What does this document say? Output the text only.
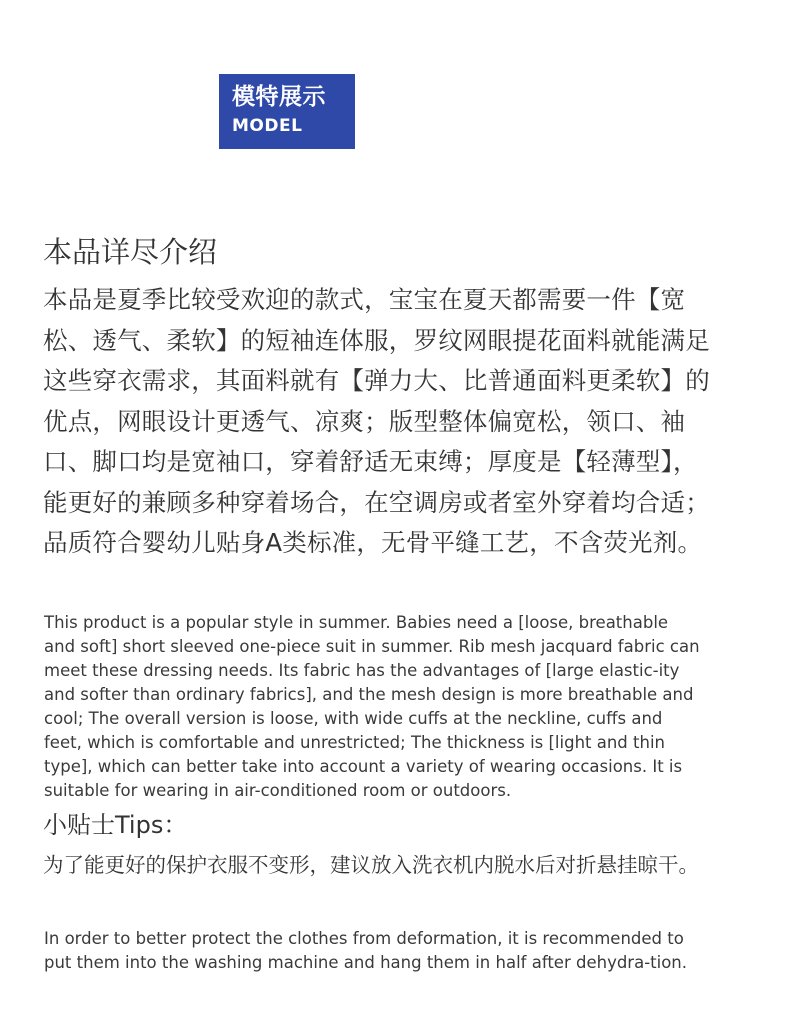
模特展示
MODEL
本品详尽介绍

本品是夏季比较受欢迎的款式，宝宝在夏天都需要一件【宽松、透气、柔软】的短袖连体服，罗纹网眼提花面料就能满足这些穿衣需求，其面料就有【弹力大、比普通面料更柔软】的优点，网眼设计更透气、凉爽；版型整体偏宽松，领口、袖口、脚口均是宽袖口，穿着舒适无束缚；厚度是【轻薄型】，能更好的兼顾多种穿着场合，在空调房或者室外穿着均合适；品质符合婴幼儿贴身A类标准，无骨平缝工艺，不含荧光剂。

This product is a popular style in summer. Babies need a [loose, breathable and soft] short sleeved one-piece suit in summer. Rib mesh jacquard fabric can meet these dressing needs. Its fabric has the advantages of [large elastic-ity and softer than ordinary fabrics], and the mesh design is more breathable and cool; The overall version is loose, with wide cuffs at the neckline, cuffs and feet, which is comfortable and unrestricted; The thickness is [light and thin type], which can better take into account a variety of wearing occasions. It is suitable for wearing in air-conditioned room or outdoors.

小贴士Tips：

为了能更好的保护衣服不变形，建议放入洗衣机内脱水后对折悬挂晾干。

In order to better protect the clothes from deformation, it is recommended to put them into the washing machine and hang them in half after dehydra-tion.
